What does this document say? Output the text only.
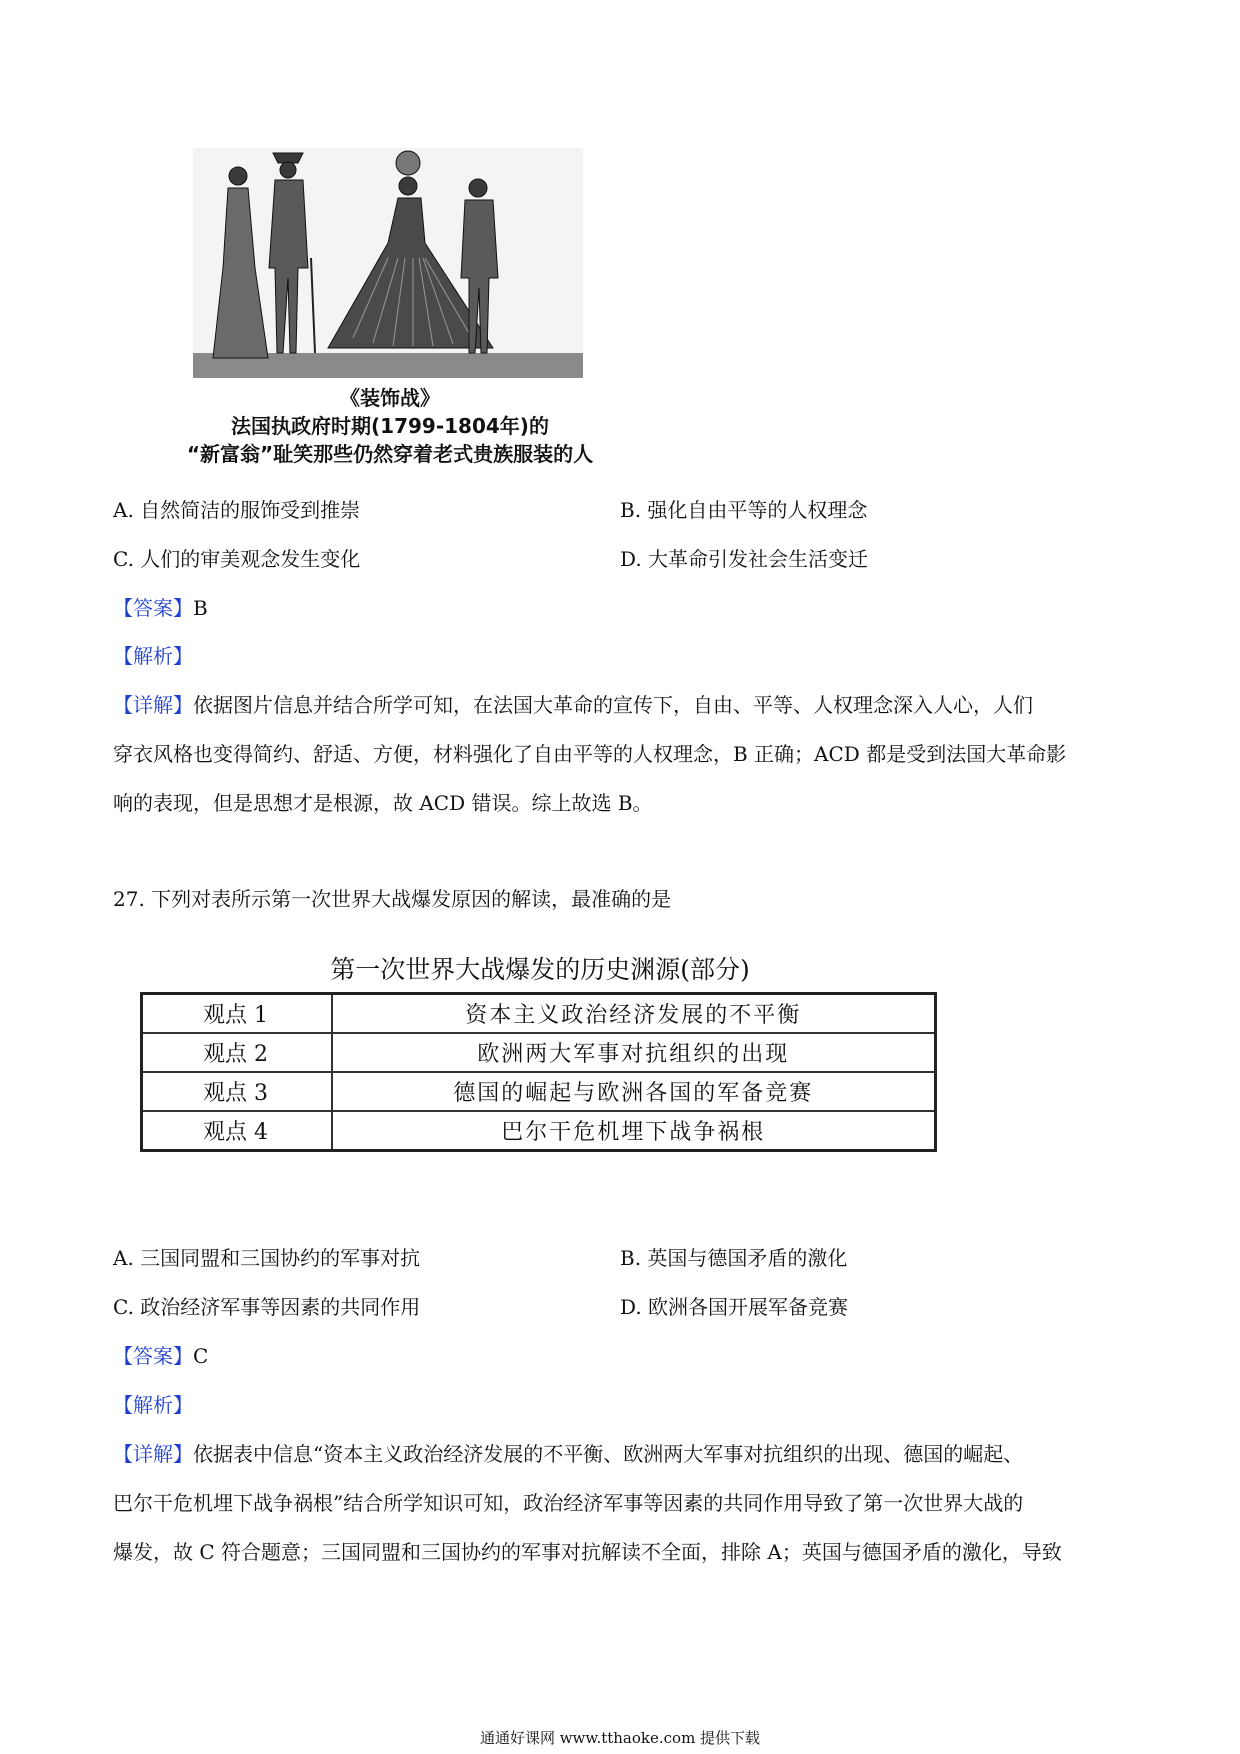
《装饰战》
法国执政府时期(1799-1804年)的
“新富翁”耻笑那些仍然穿着老式贵族服装的人
A. 自然简洁的服饰受到推崇	B. 强化自由平等的人权理念
C. 人们的审美观念发生变化	D. 大革命引发社会生活变迁
【答案】B
【解析】
【详解】依据图片信息并结合所学可知，在法国大革命的宣传下，自由、平等、人权理念深入人心，人们
穿衣风格也变得简约、舒适、方便，材料强化了自由平等的人权理念，B 正确；ACD 都是受到法国大革命影
响的表现，但是思想才是根源，故 ACD 错误。综上故选 B。
27. 下列对表所示第一次世界大战爆发原因的解读，最准确的是
第一次世界大战爆发的历史渊源(部分)
观点 1	资本主义政治经济发展的不平衡
观点 2	欧洲两大军事对抗组织的出现
观点 3	德国的崛起与欧洲各国的军备竞赛
观点 4	巴尔干危机埋下战争祸根
A. 三国同盟和三国协约的军事对抗	B. 英国与德国矛盾的激化
C. 政治经济军事等因素的共同作用	D. 欧洲各国开展军备竞赛
【答案】C
【解析】
【详解】依据表中信息“资本主义政治经济发展的不平衡、欧洲两大军事对抗组织的出现、德国的崛起、
巴尔干危机埋下战争祸根”结合所学知识可知，政治经济军事等因素的共同作用导致了第一次世界大战的
爆发，故 C 符合题意；三国同盟和三国协约的军事对抗解读不全面，排除 A；英国与德国矛盾的激化，导致
通通好课网 www.tthaoke.com 提供下载
